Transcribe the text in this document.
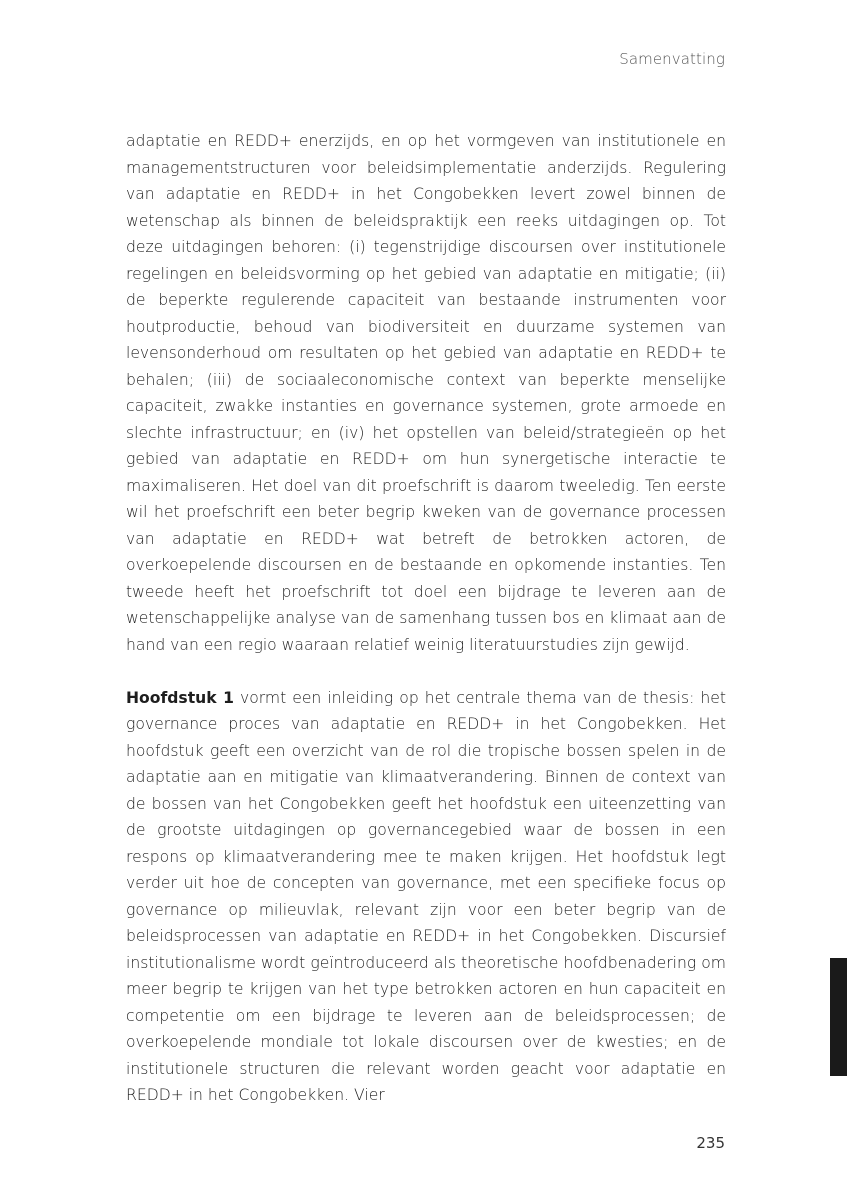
Samenvatting

adaptatie en REDD+ enerzijds, en op het vormgeven van institutionele en managementstructuren voor beleidsimplementatie anderzijds. Regulering van adaptatie en REDD+ in het Congobekken levert zowel binnen de wetenschap als binnen de beleidspraktijk een reeks uitdagingen op. Tot deze uitdagingen behoren: (i) tegenstrijdige discoursen over institutionele regelingen en beleidsvorming op het gebied van adaptatie en mitigatie; (ii) de beperkte regulerende capaciteit van bestaande instrumenten voor houtproductie, behoud van biodiversiteit en duurzame systemen van levensonderhoud om resultaten op het gebied van adaptatie en REDD+ te behalen; (iii) de sociaaleconomische context van beperkte menselijke capaciteit, zwakke instanties en governance systemen, grote armoede en slechte infrastructuur; en (iv) het opstellen van beleid/strategieën op het gebied van adaptatie en REDD+ om hun synergetische interactie te maximaliseren. Het doel van dit proefschrift is daarom tweeledig. Ten eerste wil het proefschrift een beter begrip kweken van de governance processen van adaptatie en REDD+ wat betreft de betrokken actoren, de overkoepelende discoursen en de bestaande en opkomende instanties. Ten tweede heeft het proefschrift tot doel een bijdrage te leveren aan de wetenschappelijke analyse van de samenhang tussen bos en klimaat aan de hand van een regio waaraan relatief weinig literatuurstudies zijn gewijd.

Hoofdstuk 1 vormt een inleiding op het centrale thema van de thesis: het governance proces van adaptatie en REDD+ in het Congobekken. Het hoofdstuk geeft een overzicht van de rol die tropische bossen spelen in de adaptatie aan en mitigatie van klimaatverandering. Binnen de context van de bossen van het Congobekken geeft het hoofdstuk een uiteenzetting van de grootste uitdagingen op governancegebied waar de bossen in een respons op klimaatverandering mee te maken krijgen. Het hoofdstuk legt verder uit hoe de concepten van governance, met een specifieke focus op governance op milieuvlak, relevant zijn voor een beter begrip van de beleidsprocessen van adaptatie en REDD+ in het Congobekken. Discursief institutionalisme wordt geïntroduceerd als theoretische hoofdbenadering om meer begrip te krijgen van het type betrokken actoren en hun capaciteit en competentie om een bijdrage te leveren aan de beleidsprocessen; de overkoepelende mondiale tot lokale discoursen over de kwesties; en de institutionele structuren die relevant worden geacht voor adaptatie en REDD+ in het Congobekken. Vier

235
